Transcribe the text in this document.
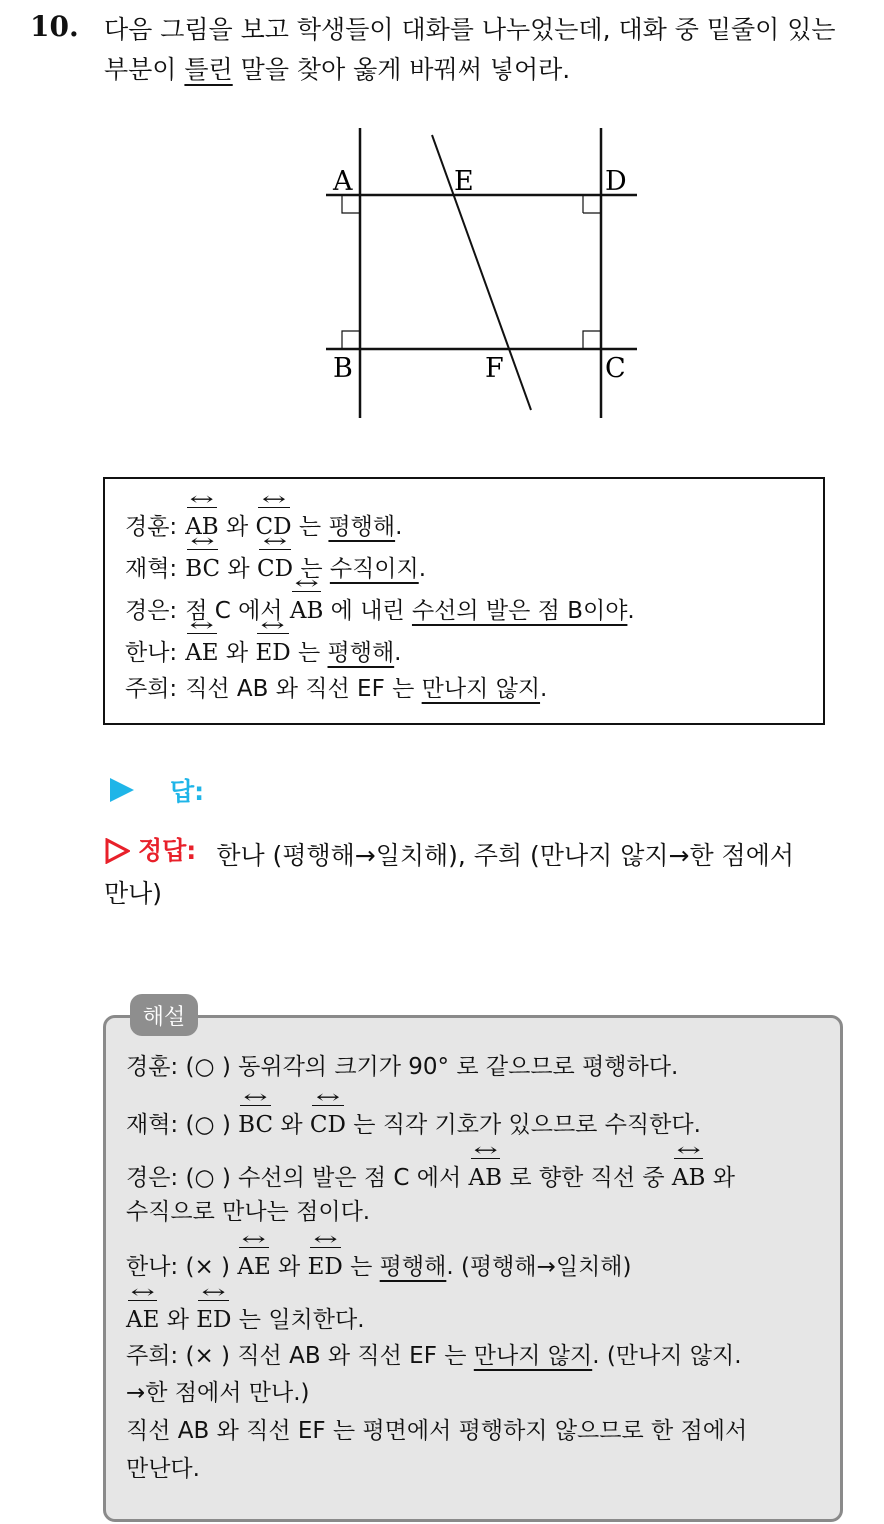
10. 다음 그림을 보고 학생들이 대화를 나누었는데, 대화 중 밑줄이 있는
부분이 틀린 말을 찾아 옳게 바꿔써 넣어라.
A	E	D
B	F	C
경훈: AB ↔ 와 CD ↔ 는 평행해.
재혁: BC ↔ 와 CD ↔ 는 수직이지.
경은: 점 C 에서 AB ↔ 에 내린 수선의 발은 점 B이야.
한나: AE ↔ 와 ED ↔ 는 평행해.
주희: 직선 AB 와 직선 EF 는 만나지 않지.
답:
정답: 한나 (평행해→일치해), 주희 (만나지 않지→한 점에서
만나)
해설
경훈: (○ ) 동위각의 크기가 90° 로 같으므로 평행하다.
재혁: (○ ) BC ↔ 와 CD ↔ 는 직각 기호가 있으므로 수직한다.
경은: (○ ) 수선의 발은 점 C 에서 AB ↔ 로 향한 직선 중 AB ↔ 와
수직으로 만나는 점이다.
한나: (× ) AE ↔ 와 ED ↔ 는 평행해. (평행해→일치해)
AE ↔ 와 ED ↔ 는 일치한다.
주희: (× ) 직선 AB 와 직선 EF 는 만나지 않지. (만나지 않지.
→한 점에서 만나.)
직선 AB 와 직선 EF 는 평면에서 평행하지 않으므로 한 점에서
만난다.
